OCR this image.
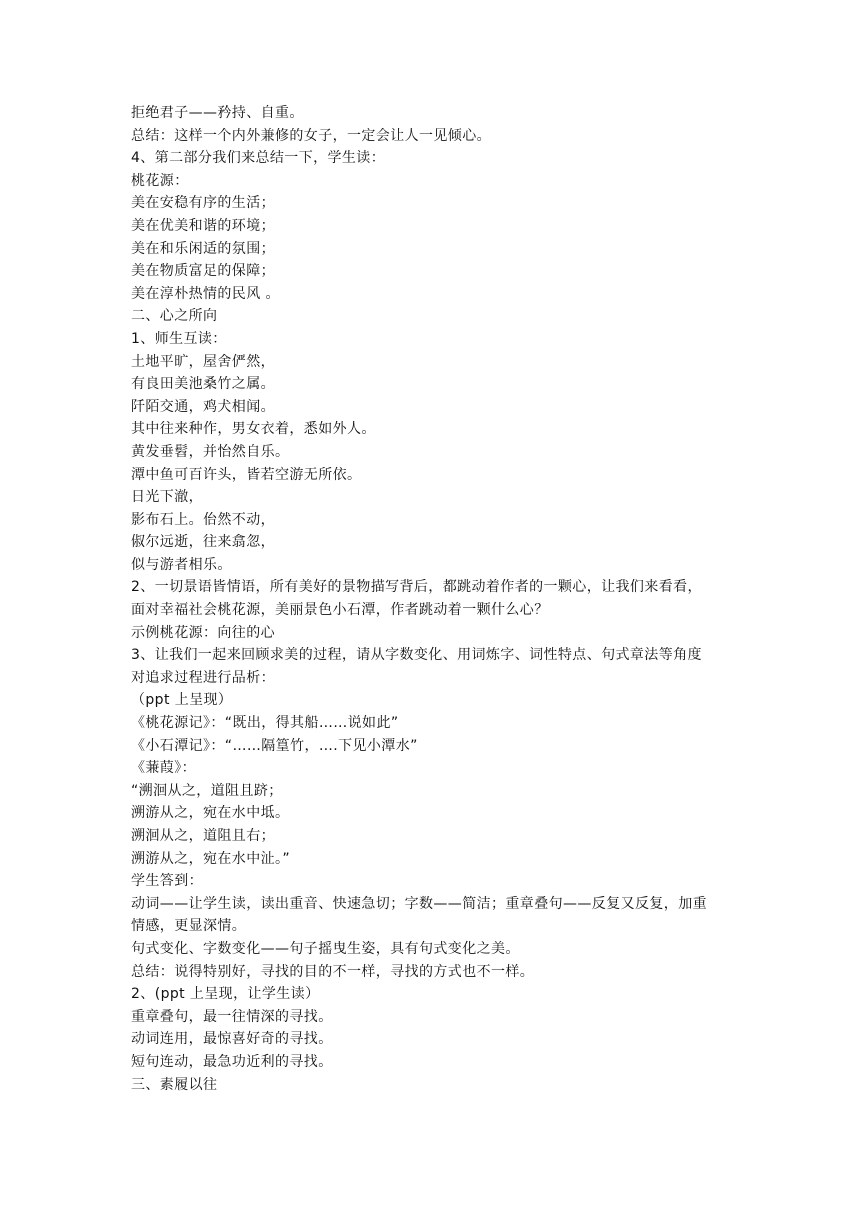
拒绝君子——矜持、自重。
总结：这样一个内外兼修的女子，一定会让人一见倾心。
4、第二部分我们来总结一下，学生读：
桃花源：
美在安稳有序的生活；
美在优美和谐的环境；
美在和乐闲适的氛围；
美在物质富足的保障；
美在淳朴热情的民风 。
二、心之所向
1、师生互读：
土地平旷，屋舍俨然，
有良田美池桑竹之属。
阡陌交通，鸡犬相闻。
其中往来种作，男女衣着，悉如外人。
黄发垂髫，并怡然自乐。
潭中鱼可百许头，皆若空游无所依。
日光下澈，
影布石上。佁然不动，
俶尔远逝，往来翕忽，
似与游者相乐。
2、一切景语皆情语，所有美好的景物描写背后，都跳动着作者的一颗心，让我们来看看，
面对幸福社会桃花源，美丽景色小石潭，作者跳动着一颗什么心？
示例桃花源：向往的心
3、让我们一起来回顾求美的过程，请从字数变化、用词炼字、词性特点、句式章法等角度
对追求过程进行品析：
（ppt 上呈现）
《桃花源记》：“既出，得其船……说如此”
《小石潭记》：“……隔篁竹，….下见小潭水”
《蒹葭》：
“溯洄从之，道阻且跻；
溯游从之，宛在水中坻。
溯洄从之，道阻且右；
溯游从之，宛在水中沚。”
学生答到：
动词——让学生读，读出重音、快速急切；字数——简洁；重章叠句——反复又反复，加重
情感，更显深情。
句式变化、字数变化——句子摇曳生姿，具有句式变化之美。
总结：说得特别好，寻找的目的不一样，寻找的方式也不一样。
2、(ppt 上呈现，让学生读）
重章叠句，最一往情深的寻找。
动词连用，最惊喜好奇的寻找。
短句连动，最急功近利的寻找。
三、素履以往
